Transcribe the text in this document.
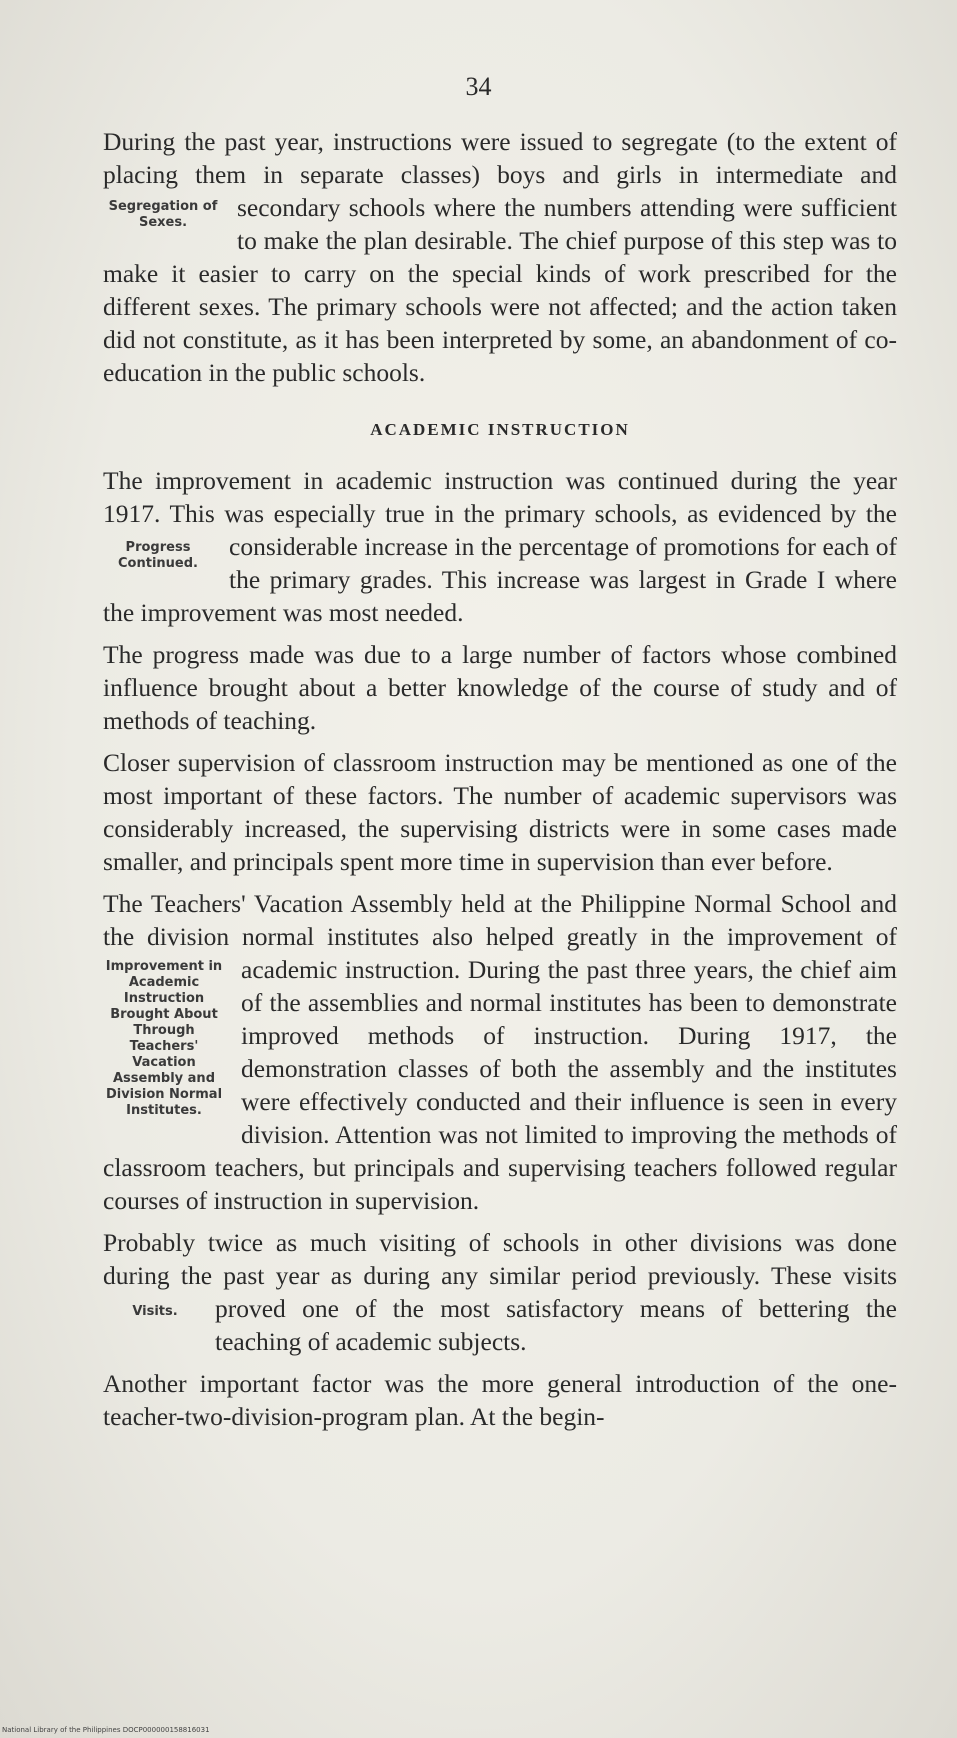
34

During the past year, instructions were issued to segregate (to the extent of placing them in separate classes) boys and girls in intermediate and secondary schools where the numbers
Segregation of Sexes.
attending were sufficient to make the plan desirable. The chief purpose of this step was to make it easier to carry on the special kinds of work prescribed for the different sexes. The primary schools were not affected; and the action taken did not constitute, as it has been interpreted by some, an abandonment of co-education in the public schools.

ACADEMIC INSTRUCTION

The improvement in academic instruction was continued during the year 1917. This was especially true in the primary schools, as evidenced by the considerable increase
Progress Continued.
in the percentage of promotions for each of the primary grades. This increase was largest in Grade I where the improvement was most needed.

The progress made was due to a large number of factors whose combined influence brought about a better knowledge of the course of study and of methods of teaching.

Closer supervision of classroom instruction may be mentioned as one of the most important of these factors. The number of academic supervisors was considerably increased, the supervising districts were in some cases made smaller, and principals spent more time in supervision than ever before.

The Teachers' Vacation Assembly held at the Philippine Normal School and the division normal institutes also helped greatly in the improvement of academic instruction. During the past
Improvement in Academic Instruction Brought About Through Teachers' Vacation Assembly and Division Normal Institutes.
three years, the chief aim of the assemblies and normal institutes has been to demonstrate improved methods of instruction. During 1917, the demonstration classes of both the assembly and the institutes were effectively conducted and their influence is seen in every division. Attention was not limited to improving the methods of classroom teachers, but principals and supervising teachers followed regular courses of instruction in supervision.

Probably twice as much visiting of schools in other divisions was done during the past year as during any similar period previously. These visits proved one of the most
Visits.	satisfactory means of bettering the teaching of academic subjects.

Another important factor was the more general introduction of the one-teacher-two-division-program plan. At the begin-

National Library of the Philippines DOCP000000158816031
